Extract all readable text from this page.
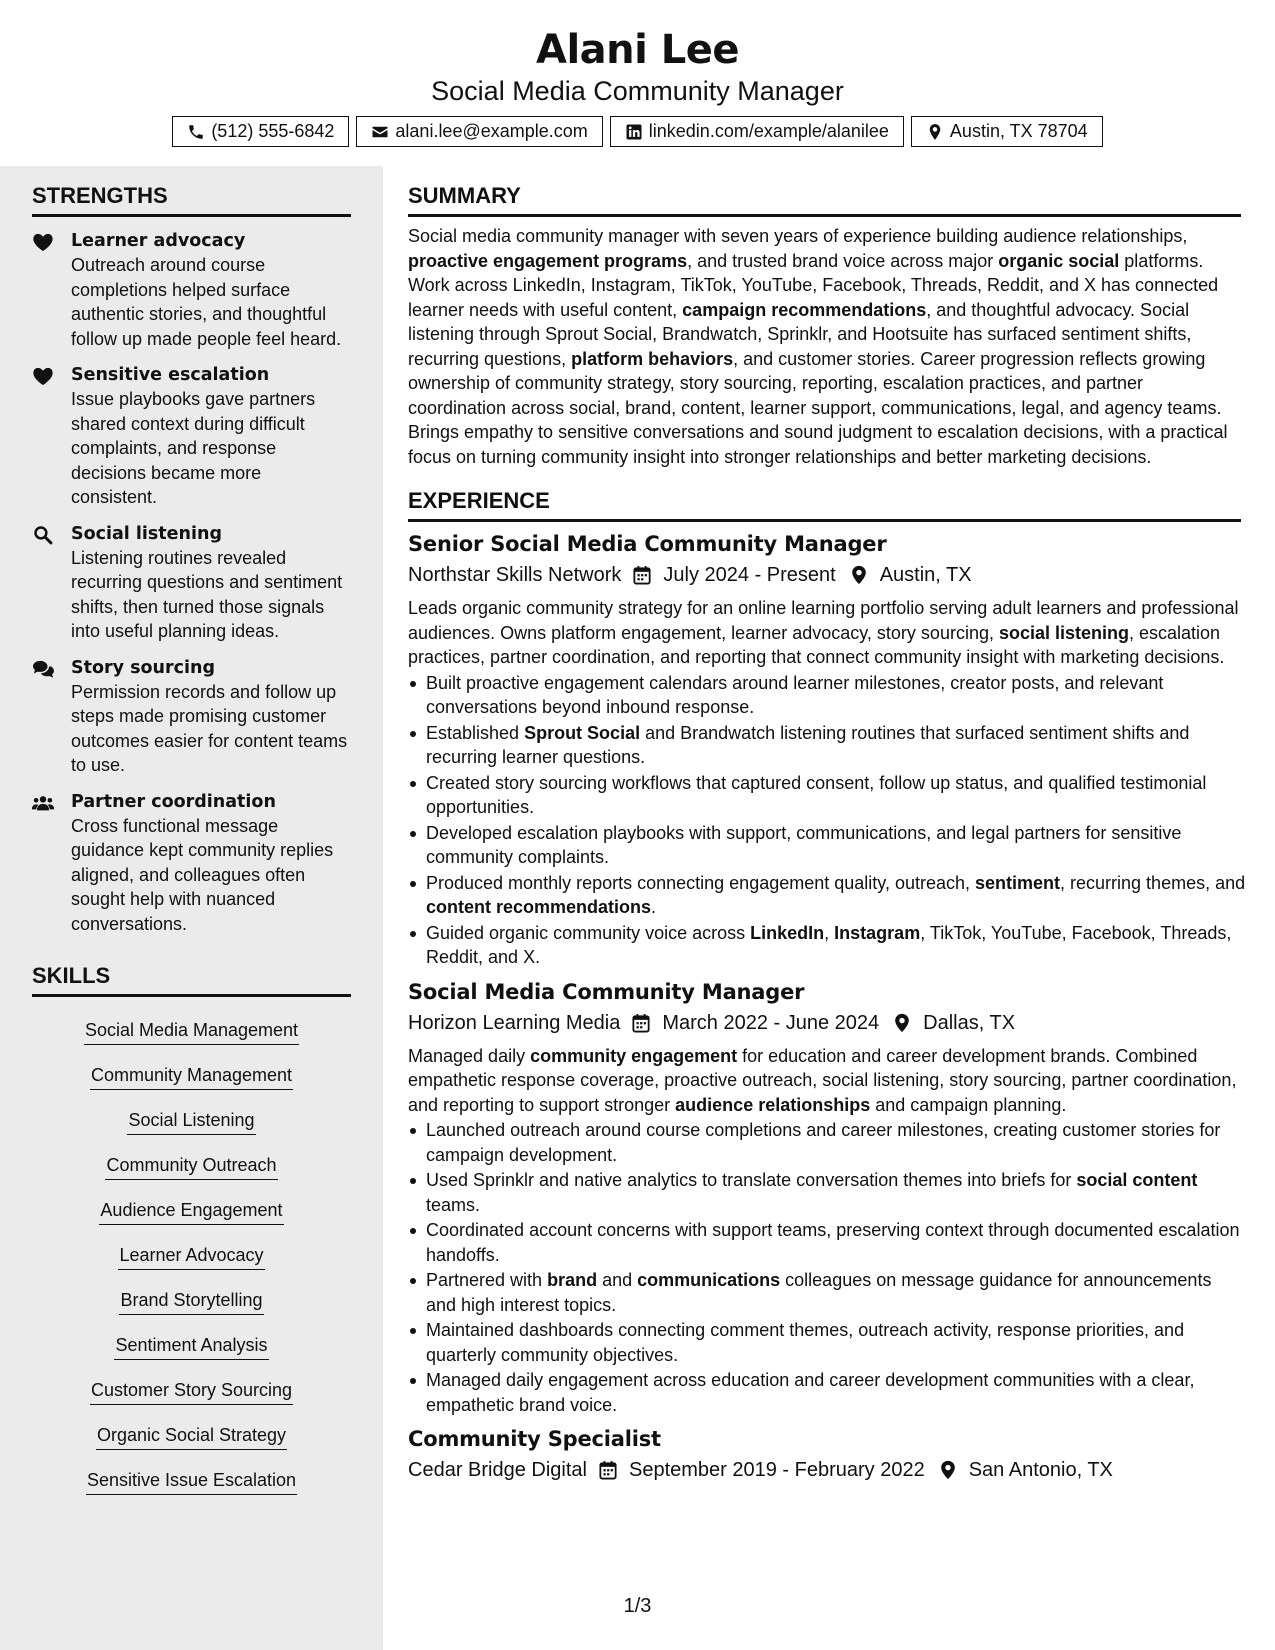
Alani Lee
Social Media Community Manager
(512) 555-6842	alani.lee@example.com	linkedin.com/example/alanilee	Austin, TX 78704
STRENGTHS
Learner advocacy
Outreach around course completions helped surface authentic stories, and thoughtful follow up made people feel heard.
Sensitive escalation
Issue playbooks gave partners shared context during difficult complaints, and response decisions became more consistent.
Social listening
Listening routines revealed recurring questions and sentiment shifts, then turned those signals into useful planning ideas.
Story sourcing
Permission records and follow up steps made promising customer outcomes easier for content teams to use.
Partner coordination
Cross functional message guidance kept community replies aligned, and colleagues often sought help with nuanced conversations.
SKILLS
Social Media Management
Community Management
Social Listening
Community Outreach
Audience Engagement
Learner Advocacy
Brand Storytelling
Sentiment Analysis
Customer Story Sourcing
Organic Social Strategy
Sensitive Issue Escalation
SUMMARY
Social media community manager with seven years of experience building audience relationships, proactive engagement programs, and trusted brand voice across major organic social platforms. Work across LinkedIn, Instagram, TikTok, YouTube, Facebook, Threads, Reddit, and X has connected learner needs with useful content, campaign recommendations, and thoughtful advocacy. Social listening through Sprout Social, Brandwatch, Sprinklr, and Hootsuite has surfaced sentiment shifts, recurring questions, platform behaviors, and customer stories. Career progression reflects growing ownership of community strategy, story sourcing, reporting, escalation practices, and partner coordination across social, brand, content, learner support, communications, legal, and agency teams. Brings empathy to sensitive conversations and sound judgment to escalation decisions, with a practical focus on turning community insight into stronger relationships and better marketing decisions.
EXPERIENCE
Senior Social Media Community Manager
Northstar Skills Network July 2024 - Present Austin, TX
Leads organic community strategy for an online learning portfolio serving adult learners and professional audiences. Owns platform engagement, learner advocacy, story sourcing, social listening, escalation practices, partner coordination, and reporting that connect community insight with marketing decisions.
Built proactive engagement calendars around learner milestones, creator posts, and relevant conversations beyond inbound response.
Established Sprout Social and Brandwatch listening routines that surfaced sentiment shifts and recurring learner questions.
Created story sourcing workflows that captured consent, follow up status, and qualified testimonial opportunities.
Developed escalation playbooks with support, communications, and legal partners for sensitive community complaints.
Produced monthly reports connecting engagement quality, outreach, sentiment, recurring themes, and content recommendations.
Guided organic community voice across LinkedIn, Instagram, TikTok, YouTube, Facebook, Threads, Reddit, and X.
Social Media Community Manager
Horizon Learning Media March 2022 - June 2024 Dallas, TX
Managed daily community engagement for education and career development brands. Combined empathetic response coverage, proactive outreach, social listening, story sourcing, partner coordination, and reporting to support stronger audience relationships and campaign planning.
Launched outreach around course completions and career milestones, creating customer stories for campaign development.
Used Sprinklr and native analytics to translate conversation themes into briefs for social content teams.
Coordinated account concerns with support teams, preserving context through documented escalation handoffs.
Partnered with brand and communications colleagues on message guidance for announcements and high interest topics.
Maintained dashboards connecting comment themes, outreach activity, response priorities, and quarterly community objectives.
Managed daily engagement across education and career development communities with a clear, empathetic brand voice.
Community Specialist
Cedar Bridge Digital September 2019 - February 2022 San Antonio, TX
1/3
